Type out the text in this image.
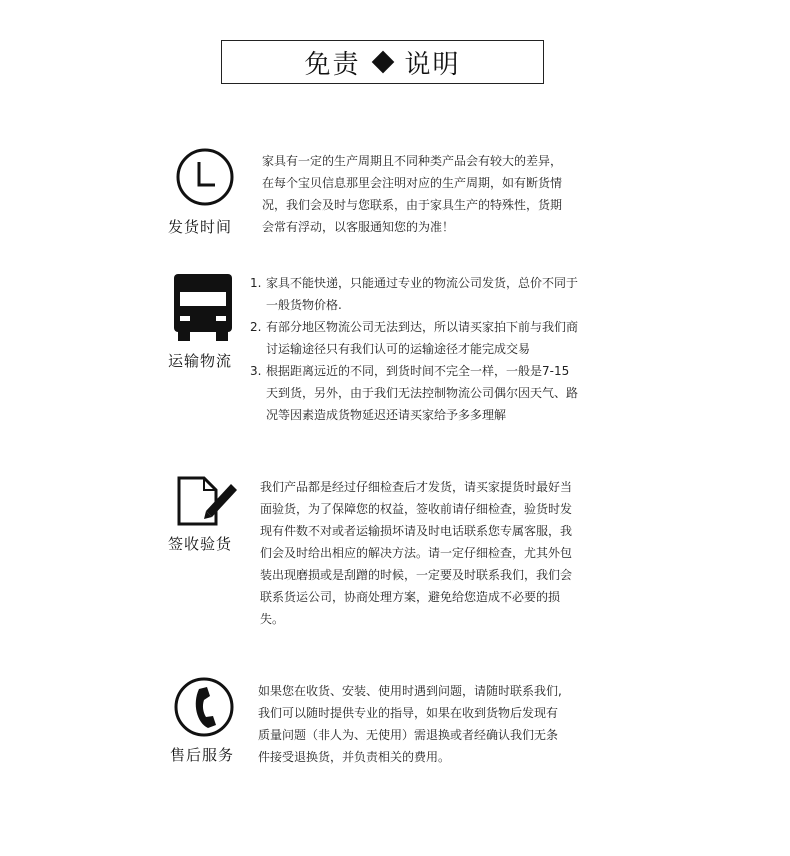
免责 说明
发货时间

家具有一定的生产周期且不同种类产品会有较大的差异，在每个宝贝信息那里会注明对应的生产周期，如有断货情况，我们会及时与您联系，由于家具生产的特殊性，货期会常有浮动，以客服通知您的为准！

运输物流
1. 家具不能快递，只能通过专业的物流公司发货，总价不同于一般货物价格.
2. 有部分地区物流公司无法到达，所以请买家拍下前与我们商讨运输途径只有我们认可的运输途径才能完成交易
3. 根据距离远近的不同，到货时间不完全一样，一般是7-15天到货，另外，由于我们无法控制物流公司偶尔因天气、路况等因素造成货物延迟还请买家给予多多理解
签收验货

我们产品都是经过仔细检查后才发货，请买家提货时最好当面验货，为了保障您的权益，签收前请仔细检查，验货时发现有件数不对或者运输损坏请及时电话联系您专属客服，我们会及时给出相应的解决方法。请一定仔细检查，尤其外包装出现磨损或是刮蹭的时候，一定要及时联系我们，我们会联系货运公司，协商处理方案，避免给您造成不必要的损失。

售后服务

如果您在收货、安装、使用时遇到问题，请随时联系我们,我们可以随时提供专业的指导，如果在收到货物后发现有质量问题（非人为、无使用）需退换或者经确认我们无条件接受退换货，并负责相关的费用。
